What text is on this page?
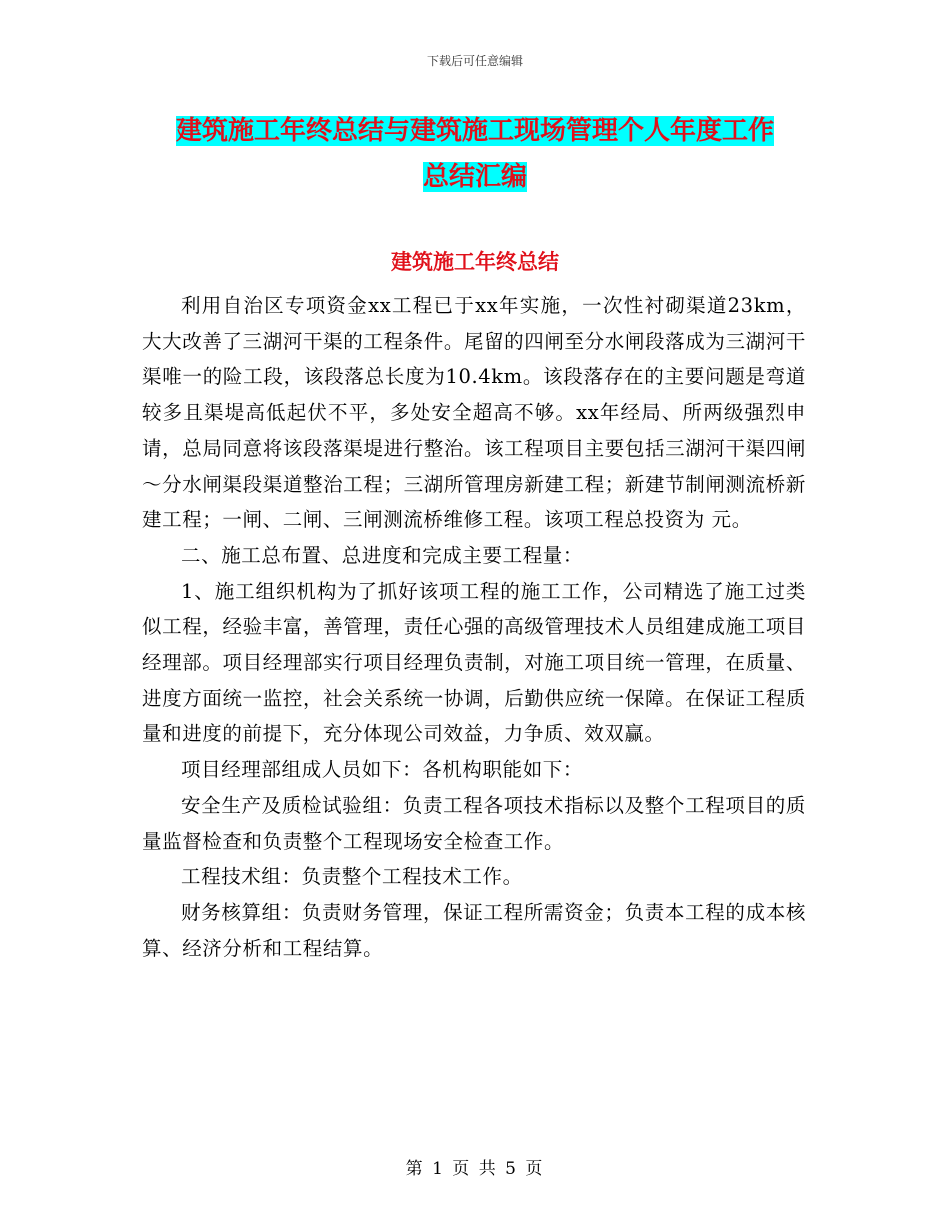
下载后可任意编辑
建筑施工年终总结与建筑施工现场管理个人年度工作
总结汇编
建筑施工年终总结

利用自治区专项资金xx工程已于xx年实施，一次性衬砌渠道23km，大大改善了三湖河干渠的工程条件。尾留的四闸至分水闸段落成为三湖河干渠唯一的险工段，该段落总长度为10.4km。该段落存在的主要问题是弯道较多且渠堤高低起伏不平，多处安全超高不够。xx年经局、所两级强烈申请，总局同意将该段落渠堤进行整治。该工程项目主要包括三湖河干渠四闸～分水闸渠段渠道整治工程；三湖所管理房新建工程；新建节制闸测流桥新建工程；一闸、二闸、三闸测流桥维修工程。该项工程总投资为 元。

二、施工总布置、总进度和完成主要工程量：

1、施工组织机构为了抓好该项工程的施工工作，公司精选了施工过类似工程，经验丰富，善管理，责任心强的高级管理技术人员组建成施工项目经理部。项目经理部实行项目经理负责制，对施工项目统一管理，在质量、进度方面统一监控，社会关系统一协调，后勤供应统一保障。在保证工程质量和进度的前提下，充分体现公司效益，力争质、效双赢。

项目经理部组成人员如下：各机构职能如下：

安全生产及质检试验组：负责工程各项技术指标以及整个工程项目的质量监督检查和负责整个工程现场安全检查工作。

工程技术组：负责整个工程技术工作。

财务核算组：负责财务管理，保证工程所需资金；负责本工程的成本核算、经济分析和工程结算。

第 1 页 共 5 页
